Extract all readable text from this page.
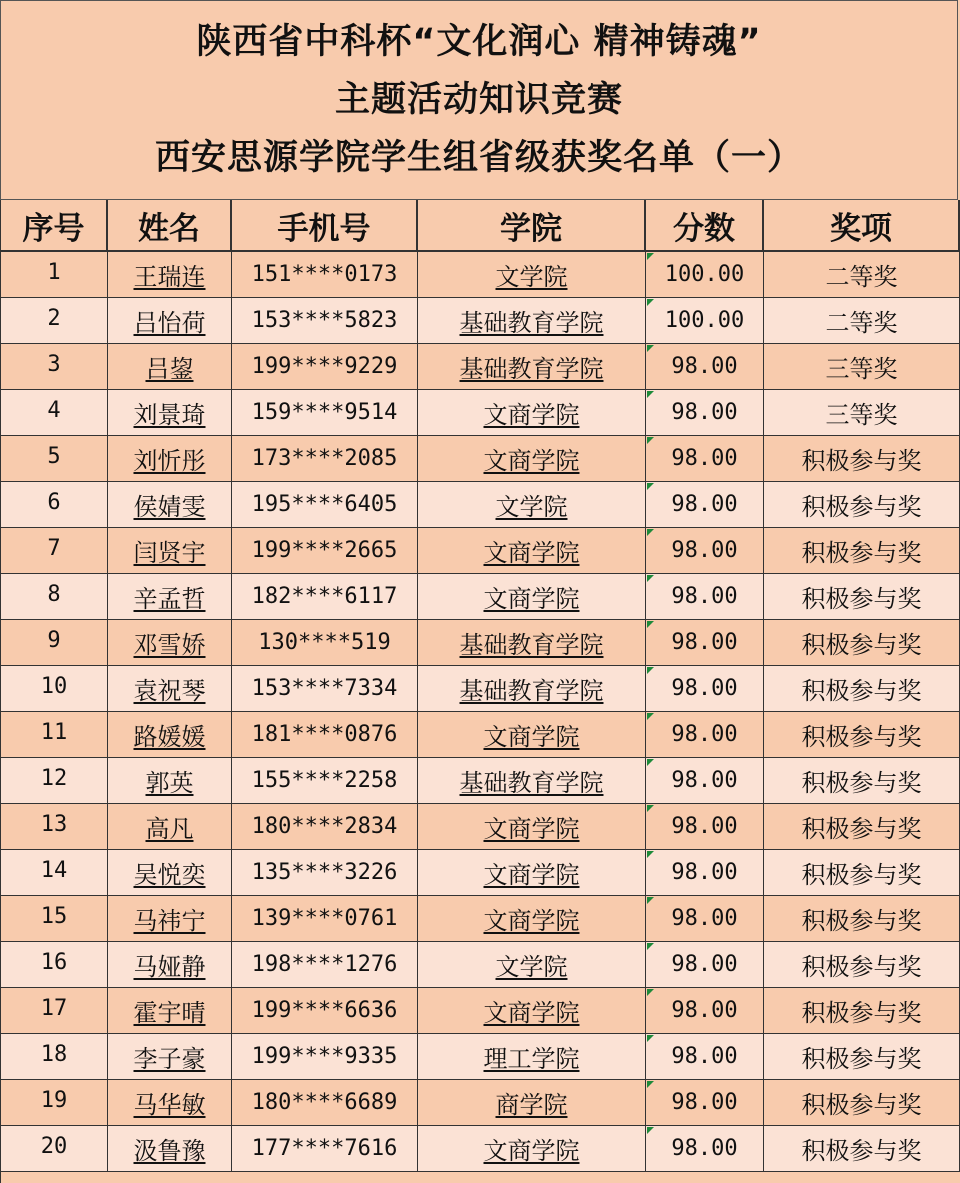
陕西省中科杯“文化润心 精神铸魂”
主题活动知识竞赛
西安思源学院学生组省级获奖名单（一）
序号	姓名	手机号	学院	分数	奖项
1	王瑞连 151****0173	文学院	100.00	二等奖
2	吕怡荷 153****5823	基础教育学院	100.00	二等奖
3	吕鋆	199****9229	基础教育学院	98.00	三等奖
4	刘景琦 159****9514	文商学院	98.00	三等奖
5	刘忻彤 173****2085	文商学院	98.00	积极参与奖
6	侯婧雯 195****6405	文学院	98.00	积极参与奖
7	闫贤宇 199****2665	文商学院	98.00	积极参与奖
8	辛孟哲 182****6117	文商学院	98.00	积极参与奖
9	邓雪娇 130****519	基础教育学院	98.00	积极参与奖
10	袁祝琴 153****7334	基础教育学院	98.00	积极参与奖
11	路媛媛 181****0876	文商学院	98.00	积极参与奖
12	郭英	155****2258	基础教育学院	98.00	积极参与奖
13	高凡	180****2834	文商学院	98.00	积极参与奖
14	吴悦奕 135****3226	文商学院	98.00	积极参与奖
15	马祎宁 139****0761	文商学院	98.00	积极参与奖
16	马娅静 198****1276	文学院	98.00	积极参与奖
17	霍宇晴 199****6636	文商学院	98.00	积极参与奖
18	李子豪 199****9335	理工学院	98.00	积极参与奖
19	马华敏 180****6689	商学院	98.00	积极参与奖
20	汲鲁豫 177****7616	文商学院	98.00	积极参与奖
